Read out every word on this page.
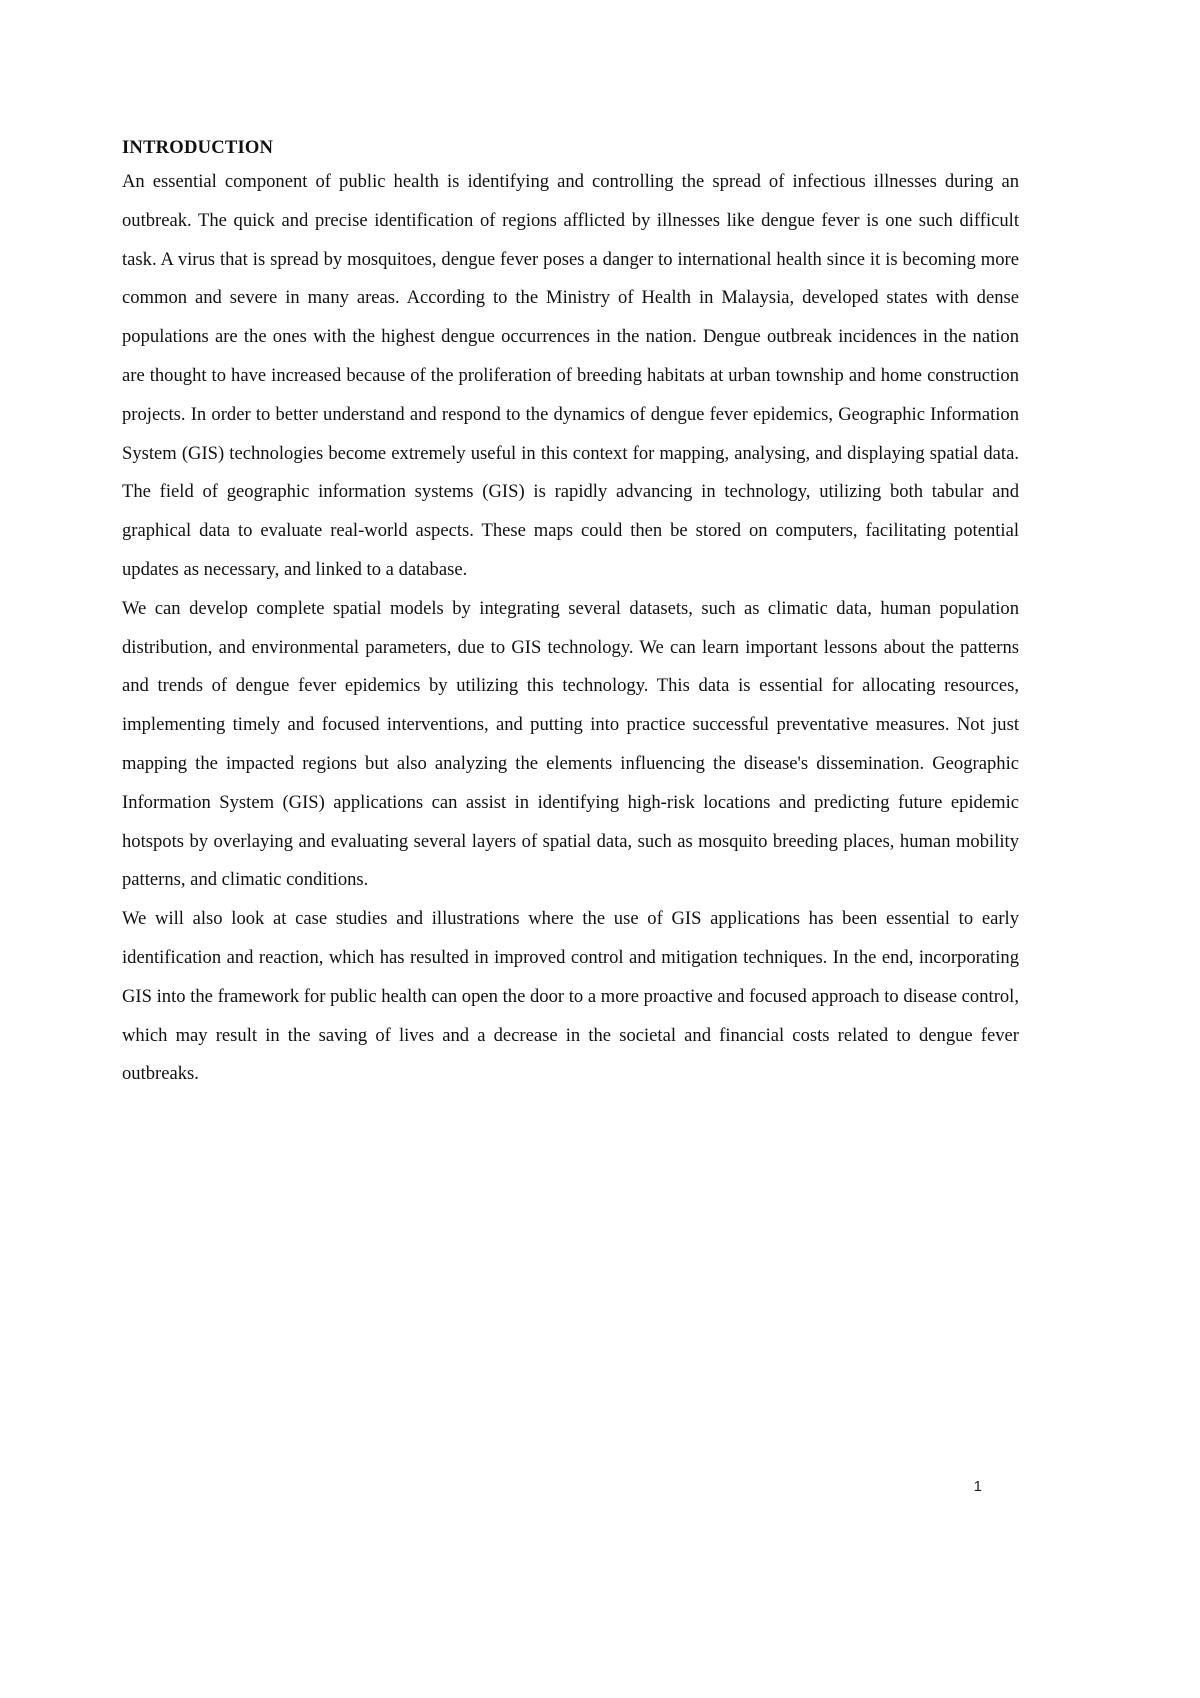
INTRODUCTION

An essential component of public health is identifying and controlling the spread of infectious illnesses during an outbreak. The quick and precise identification of regions afflicted by illnesses like dengue fever is one such difficult task. A virus that is spread by mosquitoes, dengue fever poses a danger to international health since it is becoming more common and severe in many areas. According to the Ministry of Health in Malaysia, developed states with dense populations are the ones with the highest dengue occurrences in the nation. Dengue outbreak incidences in the nation are thought to have increased because of the proliferation of breeding habitats at urban township and home construction projects. In order to better understand and respond to the dynamics of dengue fever epidemics, Geographic Information System (GIS) technologies become extremely useful in this context for mapping, analysing, and displaying spatial data. The field of geographic information systems (GIS) is rapidly advancing in technology, utilizing both tabular and graphical data to evaluate real-world aspects. These maps could then be stored on computers, facilitating potential updates as necessary, and linked to a database.

We can develop complete spatial models by integrating several datasets, such as climatic data, human population distribution, and environmental parameters, due to GIS technology. We can learn important lessons about the patterns and trends of dengue fever epidemics by utilizing this technology. This data is essential for allocating resources, implementing timely and focused interventions, and putting into practice successful preventative measures. Not just mapping the impacted regions but also analyzing the elements influencing the disease's dissemination. Geographic Information System (GIS) applications can assist in identifying high-risk locations and predicting future epidemic hotspots by overlaying and evaluating several layers of spatial data, such as mosquito breeding places, human mobility patterns, and climatic conditions.

We will also look at case studies and illustrations where the use of GIS applications has been essential to early identification and reaction, which has resulted in improved control and mitigation techniques. In the end, incorporating GIS into the framework for public health can open the door to a more proactive and focused approach to disease control, which may result in the saving of lives and a decrease in the societal and financial costs related to dengue fever outbreaks.

1
